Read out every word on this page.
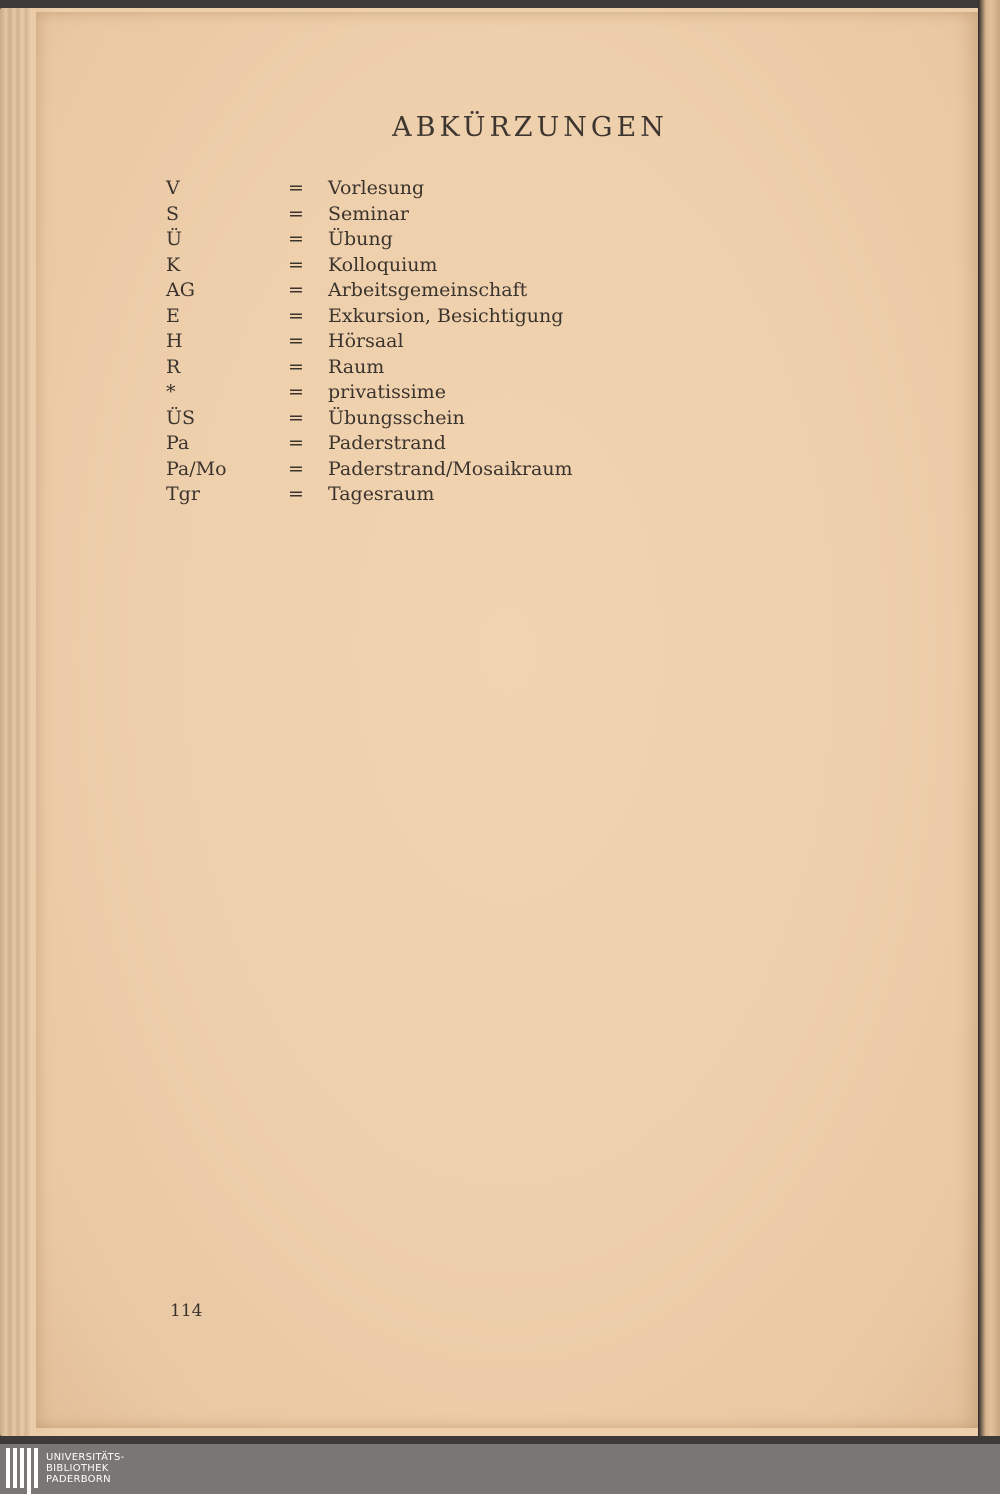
ABKÜRZUNGEN
V	= Vorlesung
S	= Seminar
Ü	= Übung
K	= Kolloquium
AG	= Arbeitsgemeinschaft
E	= Exkursion, Besichtigung
H	= Hörsaal
R	= Raum
*	= privatissime
ÜS	= Übungsschein
Pa	= Paderstrand
Pa/Mo	= Paderstrand/Mosaikraum
Tgr	= Tagesraum
114
UNIVERSITÄTS-
BIBLIOTHEK
PADERBORN
